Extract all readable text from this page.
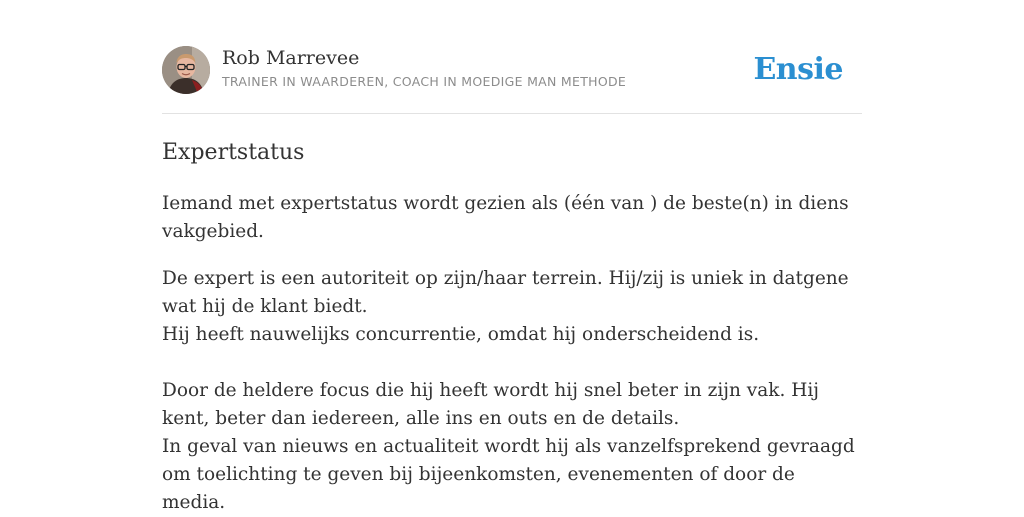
Rob Marrevee
TRAINER IN WAARDEREN, COACH IN MOEDIGE MAN METHODE	Ensie
Expertstatus

Iemand met expertstatus wordt gezien als (één van ) de beste(n) in diens vakgebied.

De expert is een autoriteit op zijn/haar terrein. Hij/zij is uniek in datgene wat hij de klant biedt.
Hij heeft nauwelijks concurrentie, omdat hij onderscheidend is.

Door de heldere focus die hij heeft wordt hij snel beter in zijn vak. Hij kent, beter dan iedereen, alle ins en outs en de details.
In geval van nieuws en actualiteit wordt hij als vanzelfsprekend gevraagd om toelichting te geven bij bijeenkomsten, evenementen of door de media.
